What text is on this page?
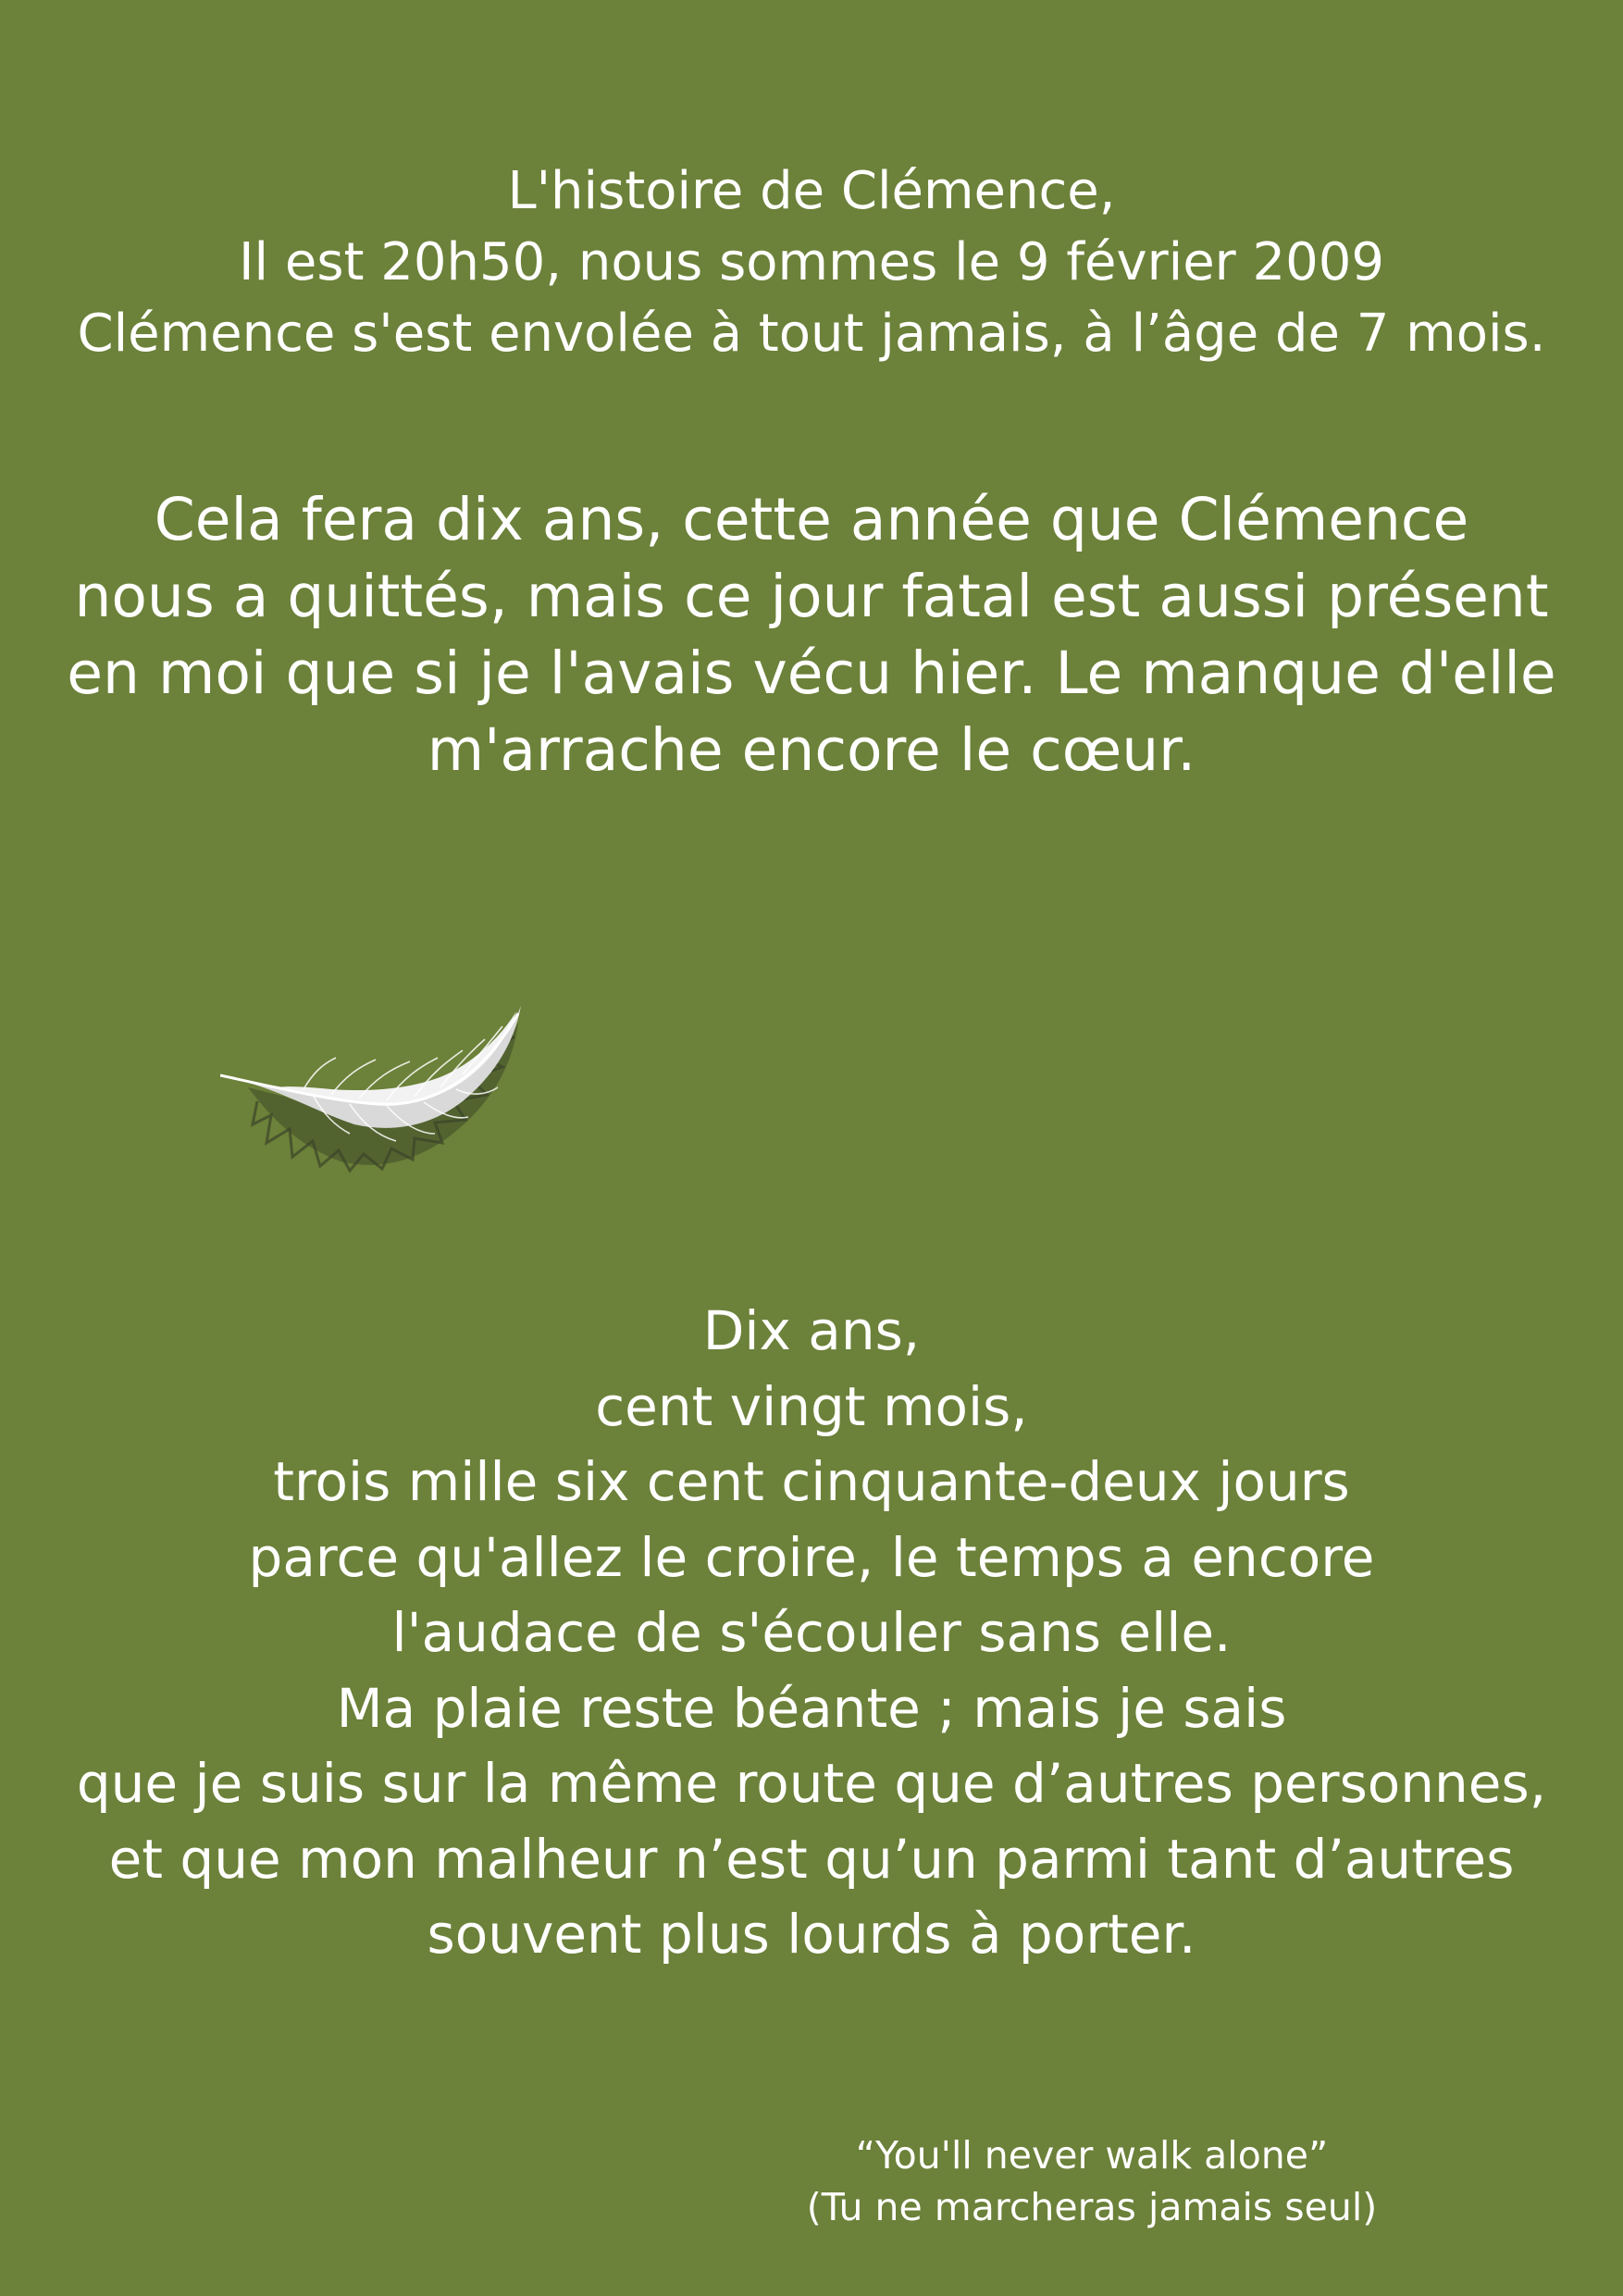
L'histoire de Clémence,
Il est 20h50, nous sommes le 9 février 2009
Clémence s'est envolée à tout jamais, à l’âge de 7 mois.
Cela fera dix ans, cette année que Clémence
nous a quittés, mais ce jour fatal est aussi présent
en moi que si je l'avais vécu hier. Le manque d'elle
m'arrache encore le cœur.
Dix ans,
cent vingt mois,
trois mille six cent cinquante-deux jours
parce qu'allez le croire, le temps a encore
l'audace de s'écouler sans elle.
Ma plaie reste béante ; mais je sais
que je suis sur la même route que d’autres personnes,
et que mon malheur n’est qu’un parmi tant d’autres
souvent plus lourds à porter.
“You'll never walk alone”
(Tu ne marcheras jamais seul)
